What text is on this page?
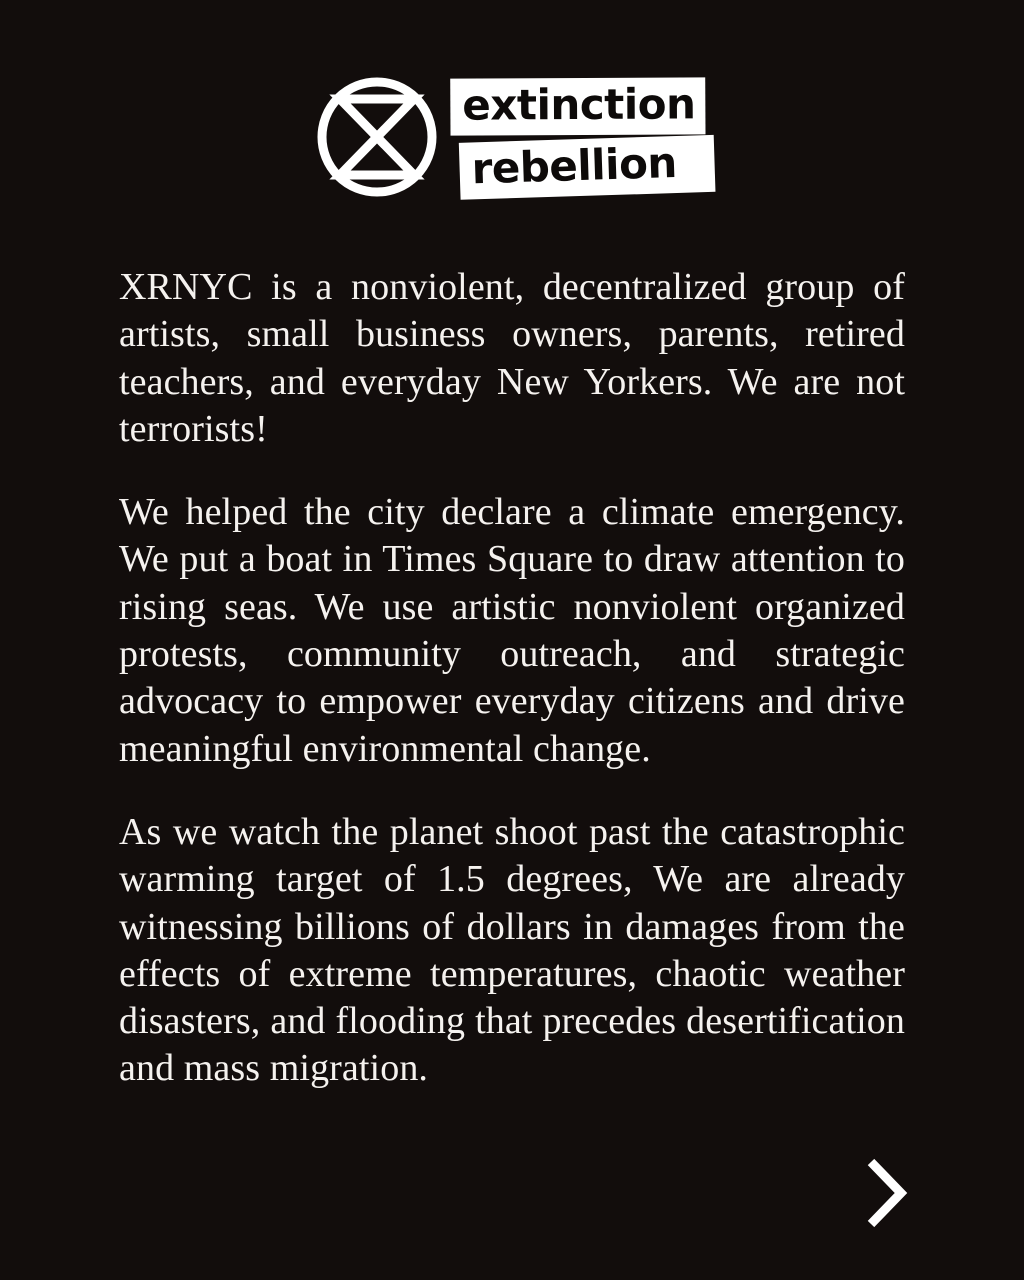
extinction
rebellion

XRNYC is a nonviolent, decentralized group of artists, small business owners, parents, retired teachers, and everyday New Yorkers. We are not terrorists!

We helped the city declare a climate emergency. We put a boat in Times Square to draw attention to rising seas. We use artistic nonviolent organized protests, community outreach, and strategic advocacy to empower everyday citizens and drive meaningful environmental change.

As we watch the planet shoot past the catastrophic warming target of 1.5 degrees, We are already witnessing billions of dollars in damages from the effects of extreme temperatures, chaotic weather disasters, and flooding that precedes desertification and mass migration.
